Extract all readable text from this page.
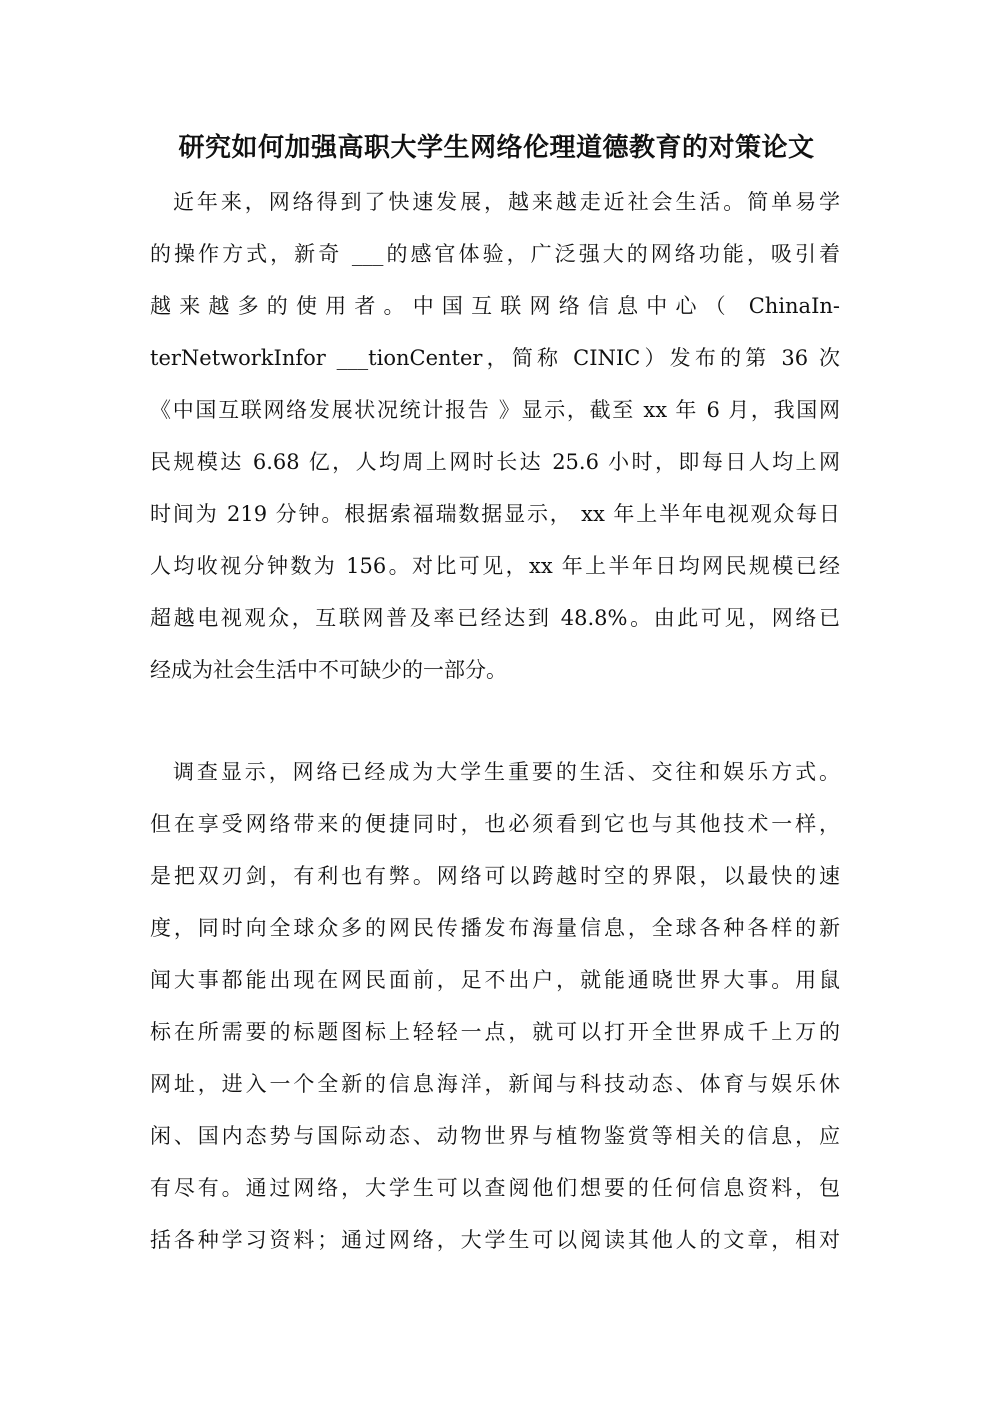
研究如何加强高职大学生网络伦理道德教育的对策论文
近年来，网络得到了快速发展，越来越走近社会生活。简单易学
的操作方式，新奇 ___的感官体验，广泛强大的网络功能，吸引着
越来越多的使用者。中国互联网络信息中心（ ChinaIn-
terNetworkInfor ___tionCenter，简称 CINIC）发布的第 36 次
《中国互联网络发展状况统计报告 》显示，截至 xx 年 6 月，我国网
民规模达 6.68 亿，人均周上网时长达 25.6 小时，即每日人均上网
时间为 219 分钟。根据索福瑞数据显示， xx 年上半年电视观众每日
人均收视分钟数为 156。对比可见，xx 年上半年日均网民规模已经
超越电视观众，互联网普及率已经达到 48.8%。由此可见，网络已
经成为社会生活中不可缺少的一部分。
调查显示，网络已经成为大学生重要的生活、交往和娱乐方式。
但在享受网络带来的便捷同时，也必须看到它也与其他技术一样，
是把双刃剑，有利也有弊。网络可以跨越时空的界限，以最快的速
度，同时向全球众多的网民传播发布海量信息，全球各种各样的新
闻大事都能出现在网民面前，足不出户，就能通晓世界大事。用鼠
标在所需要的标题图标上轻轻一点，就可以打开全世界成千上万的
网址，进入一个全新的信息海洋，新闻与科技动态、体育与娱乐休
闲、国内态势与国际动态、动物世界与植物鉴赏等相关的信息，应
有尽有。通过网络，大学生可以查阅他们想要的任何信息资料，包
括各种学习资料；通过网络，大学生可以阅读其他人的文章，相对
